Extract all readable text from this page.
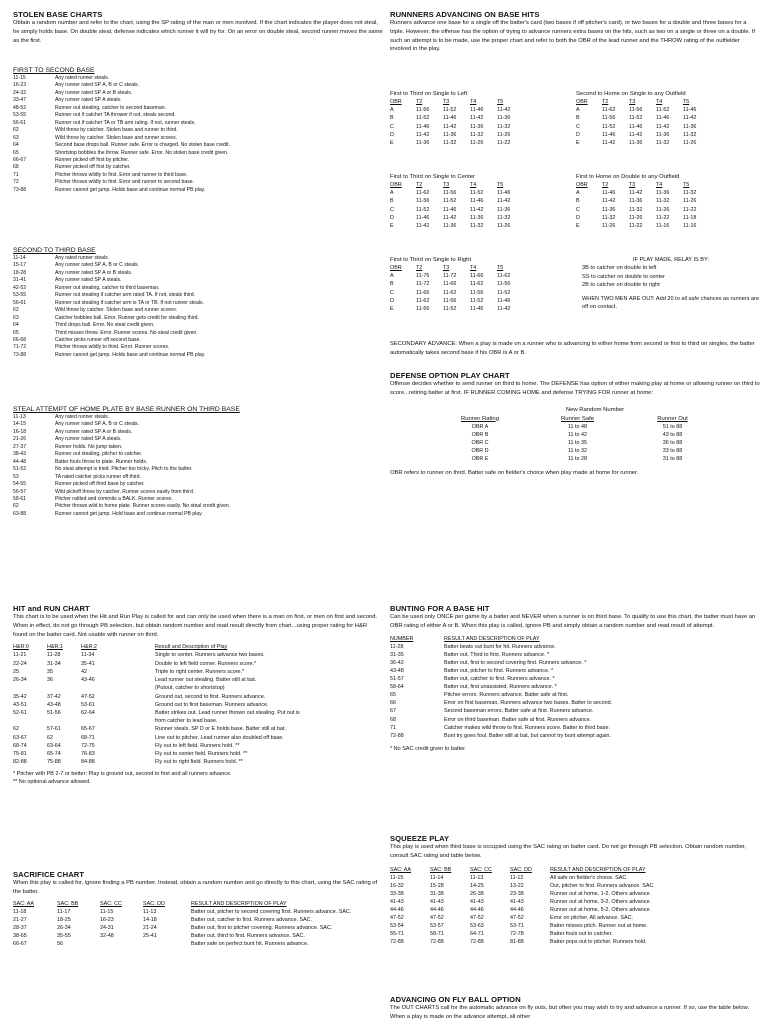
STOLEN BASE CHARTS

Obtain a random number and refer to the chart, using the SP rating of the man or men involved. If the chart indicates the player does not steal, he simply holds base. On double steal, defense indicates which runner it will try for. On an error on double steal, second runner moves the same as the first.

FIRST TO SECOND BASE
11-15	Any rated runner steals.
16-23	Any runner rated SP A, B or C steals.
24-32	Any runner rated SP A or B steals.
33-47	Any runner rated SP A steals.
48-52	Runner out stealing, catcher to second baseman.
53-55	Runner out if catcher TA thrower if not, steals second.
56-61	Runner out if catcher TA or TB arm rating. If not, runner steals.
62	Wild throw by catcher. Stolen base and runner to third.
63	Wild throw by catcher. Stolen base and runner scores.
64	Second base drops ball. Runner safe. Error is charged. No stolen base credit.
65	Shortstop bobbles the throw. Runner safe. Error. No stolen base credit given.
66-67	Runner picked off first by pitcher.
68	Runner picked off first by catcher.
71	Pitcher throws wildly to first. Error and runner to third base.
72	Pitcher throws wildly to first. Error and runner to second base.
73-88	Runner cannot get jump. Holds base and continue normal PB play.
SECOND TO THIRD BASE
11-14	Any rated runner steals.
15-17	Any runner rated SP A, B or C steals.
18-28	Any runner rated SP A or B steals.
31-41	Any runner rated SP A steals.
42-52	Runner out stealing, catcher to third baseman.
53-55	Runner out stealing if catcher arm rated TA. If not, steals third.
56-61	Runner out stealing if catcher arm is TA or TB. If not runner steals.
62	Wild throw by catcher. Stolen base and runner scores.
63	Catcher bobbles ball. Error. Runner gets credit for stealing third.
64	Third drops ball. Error. No steal credit given.
65	Third misses throw. Error. Runner scores. No steal credit given.
66-68	Catcher picks runner off second base.
71-72	Pitcher throws wildly to third. Error. Runner scores.
73-88	Runner cannot get jump. Holds base and continue normal PB play.
STEAL ATTEMPT OF HOME PLATE BY BASE RUNNER ON THIRD BASE
11-13	Any rated runner steals.
14-15	Any runner rated SP A, B or C steals.
16-18	Any runner rated SP A or B steals.
21-26	Any runner rated SP A steals.
27-37	Runner holds. No jump taken.
38-43	Runner out stealing, pitcher to catcher.
44-48	Batter fouls throw to plate. Runner holds.
51-52	No steal attempt is tried. Pitcher too tricky. Pitch to the batter.
53	TA rated catcher picks runner off third.
54-55	Runner picked off third base by catcher.
56-57	Wild pickoff throw by catcher. Runner scores easily from third.
58-61	Pitcher rattled and commits a BALK. Runner scores.
62	Pitcher throws wild to home plate. Runner scores easily. No steal credit given.
63-88	Runner cannot get jump. Hold base and continue normal PB play.
HIT and RUN CHART

This chart is to be used when the Hit and Run Play is called for and can only be used when there is a man on first, or men on first and second. When in effect, do not go through PB selection, but obtain random number and read result directly from chart...using proper rating for H&R found on the batter card. Not usable with runner on third.

H&R:0	H&R:1	H&R:2	Result and Description of Play
11-21	11-28	11-34	Single to center. Runners advance two bases.
22-24	31-34	35-41	Double to left field corner. Runners score.*
25	35	42	Triple to right center. Runners score.*
26-34	36	43-46	Lead runner out stealing. Batter still at bat.
			(Putout, catcher to shortstop)
35-42	37-42	47-52	Ground out, second to first. Runners advance.
43-51	43-48	53-61	Ground out to first baseman. Runners advance.
52-61	51-56	62-64	Batter strikes out. Lead runner thrown out stealing. Put out is
			from catcher to lead base.
62	57-61	65-67	Runner steals. SP D or E holds base. Batter still at bat.
63-67	62	68-71	Line out to pitcher. Lead runner also doubled off base.
68-74	63-64	72-75	Fly out to left field. Runners hold. **
75-81	65-74	76-83	Fly out to center field. Runners hold. **
82-88	75-88	84-88	Fly out to right field. Runners hold. **

* Pitcher with PB 2-7 or better: Play is ground out, second to first and all runners advance.

** No optional advance allowed.

SACRIFICE CHART

When this play is called for, ignore finding a PB number. Instead, obtain a random number and go directly to this chart, using the SAC rating of the batter.

SAC: AA	SAC: BB	SAC: CC	SAC: DD	RESULT AND DESCRIPTION OF PLAY
11-18	11-17	11-15	11-13	Batter out, pitcher to second covering first. Runners advance. SAC.
21-27	18-25	16-23	14-18	Batter out, catcher to first. Runners advance. SAC.
28-37	26-34	24-31	21-24	Batter out, first to pitcher covering. Runners advance. SAC.
38-65	35-55	32-48	25-41	Batter out, third to first. Runners advance. SAC.
66-67	56			Batter safe on perfect bunt hit. Runners advance.
RUNNNERS ADVANCING ON BASE HITS

Runners advance one base for a single off the batter's card (two bases if off pitcher's card), or two bases for a double and three bases for a triple. However, the offense has the option of trying to advance runners extra bases on the hits, such as two on a single or three on a double. If such an attempt is to be made, use the proper chart and refer to both the OBR of the lead runner and the THROW rating of the outfielder involved in the play.

First to Third on Single to Left

OBR	T2	T3	T4	T5
A	11-56	11-52	11-46	11-42
B	11-52	11-46	11-42	11-36
C	11-46	11-42	11-36	11-32
D	11-42	11-36	11-32	11-26
E	11-36	11-32	11-26	11-22

Second to Home on Single to any Outfield

OBR	T2	T3	T4	T5
A	11-62	11-56	11-52	11-46
B	11-56	11-52	11-46	11-42
C	11-52	11-46	11-42	11-36
D	11-46	11-42	11-36	11-32
E	11-42	11-36	11-32	11-26

First to Third on Single to Center

OBR	T2	T3	T4	T5
A	11-62	11-56	11-52	11-46
B	11-56	11-52	11-46	11-42
C	11-52	11-46	11-42	11-36
D	11-46	11-42	11-36	11-32
E	11-42	11-36	11-32	11-26

First to Home on Double to any Outfield

OBR	T2	T3	T4	T5
A	11-46	11-42	11-36	11-32
B	11-42	11-36	11-32	11-26
C	11-36	11-32	11-26	11-22
D	11-32	11-26	11-22	11-18
E	11-26	11-22	11-16	11-16

First to Third on Single to Right

OBR	T2	T3	T4	T5
A	11-76	11-72	11-66	11-62
B	11-72	11-66	11-62	11-56
C	11-66	11-62	11-56	11-52
D	11-62	11-56	11-52	11-46
E	11-56	11-52	11-46	11-42

IF PLAY MADE, RELAY IS BY:

3B to catcher on double to left

SS to catcher on double to center

2B to catcher on double to right

WHEN TWO MEN ARE OUT: Add 20 to all safe chances as runners are off on contact.

SECONDARY ADVANCE: When a play is made on a runner who is advancing to either home from second or first to third on singles, the batter automatically takes second base if his OBR is A or B.

DEFENSE OPTION PLAY CHART

Offense decides whether to send runner on third to home. The DEFENSE has option of either making play at home or allowing runner on third to score...retiring batter at first. IF RUNNER COMING HOME and defense TRYING FOR runner at home:

New Random Number
Runner Rating	Runner Safe	Runner Out
OBR A	11 to 48	51 to 88
OBR B	11 to 42	43 to 88
OBR C	11 to 35	36 to 88
OBR D	11 to 32	33 to 88
OBR E	11 to 28	31 to 88

OBR refers to runner on third. Batter safe on fielder's choice when play made at home for runner.

BUNTING FOR A BASE HIT

Can be used only ONCE per game by a batter and NEVER when a runner is on third base. To qualify to use this chart, the batter must have an OBR rating of either A or B. When this play is called, ignore PB and simply obtain a random number and read result of attempt.

NUMBER	RESULT AND DESCRIPTION OF PLAY
11-28	Batter beats out bunt for hit. Runners advance.
31-35	Batter out. Third to first. Runners advance. *
36-42	Batter out, first to second covering first. Runners advance. *
43-48	Batter out, pitcher to first. Runners advance. *
51-57	Batter out, catcher to first. Runners advance. *
58-64	Batter out, first unassisted. Runners advance. *
65	Pitcher errors. Runners advance. Batter safe at first.
66	Error on first baseman. Runners advance two bases. Batter to second.
67	Second baseman errors. Batter safe at first. Runners advance.
68	Error on third baseman. Batter safe at first. Runners advance.
71	Catcher makes wild throw to first. Runners score. Batter to third base.
72-88	Bunt try goes foul. Batter still at bat, but cannot try bunt attempt again.

* No SAC credit given to batter.

SQUEEZE PLAY

This play is used when third base is occupied using the SAC rating on batter card. Do not go through PB selection. Obtain random number, consult SAC rating and table below.

SAC: AA	SAC: BB	SAC: CC	SAC: DD	RESULT AND DESCRIPTION OF PLAY
11-15	11-14	11-13	11-12	All safe on fielder's choice. SAC
16-32	15-28	14-25	13-22	Out, pitcher to first. Runners advance. SAC
33-38	31-38	26-38	23-38	Runner out at home, 1-2. Others advance.
41-43	41-43	41-43	41-43	Runner out at home, 3-2. Others advance.
44-46	44-46	44-46	44-46	Runner out at home, 5-2. Others advance.
47-52	47-52	47-52	47-52	Error on pitcher. All advance. SAC.
53-54	53-57	53-63	53-71	Batter misses pitch. Runner out at home.
55-71	58-71	64-71	72-78	Batter fouls out to catcher.
72-88	72-88	72-88	81-88	Batter pops out to pitcher. Runners hold.
ADVANCING ON FLY BALL OPTION

The OUT CHARTS call for the automatic advance on fly outs, but often you may wish to try and advance a runner. If so, use the table below. When a play is made on the advance attempt, all other
